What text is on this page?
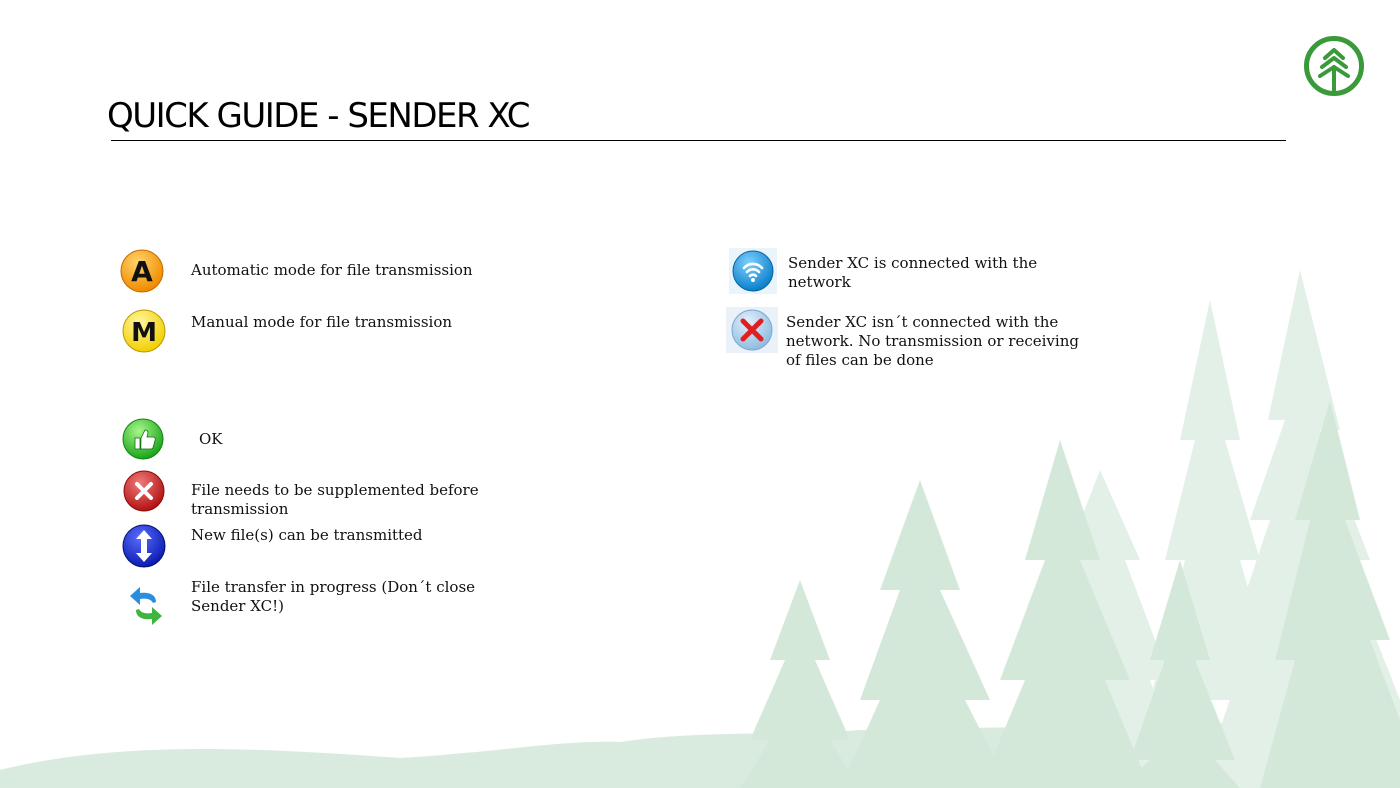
QUICK GUIDE - SENDER XC
A	Automatic mode for file transmission
M Manual mode for file transmission
OK
File needs to be supplemented before transmission
New file(s) can be transmitted
File transfer in progress (Don´t close Sender XC!)
Sender XC is connected with the network
Sender XC isn´t connected with the network. No transmission or receiving of files can be done
